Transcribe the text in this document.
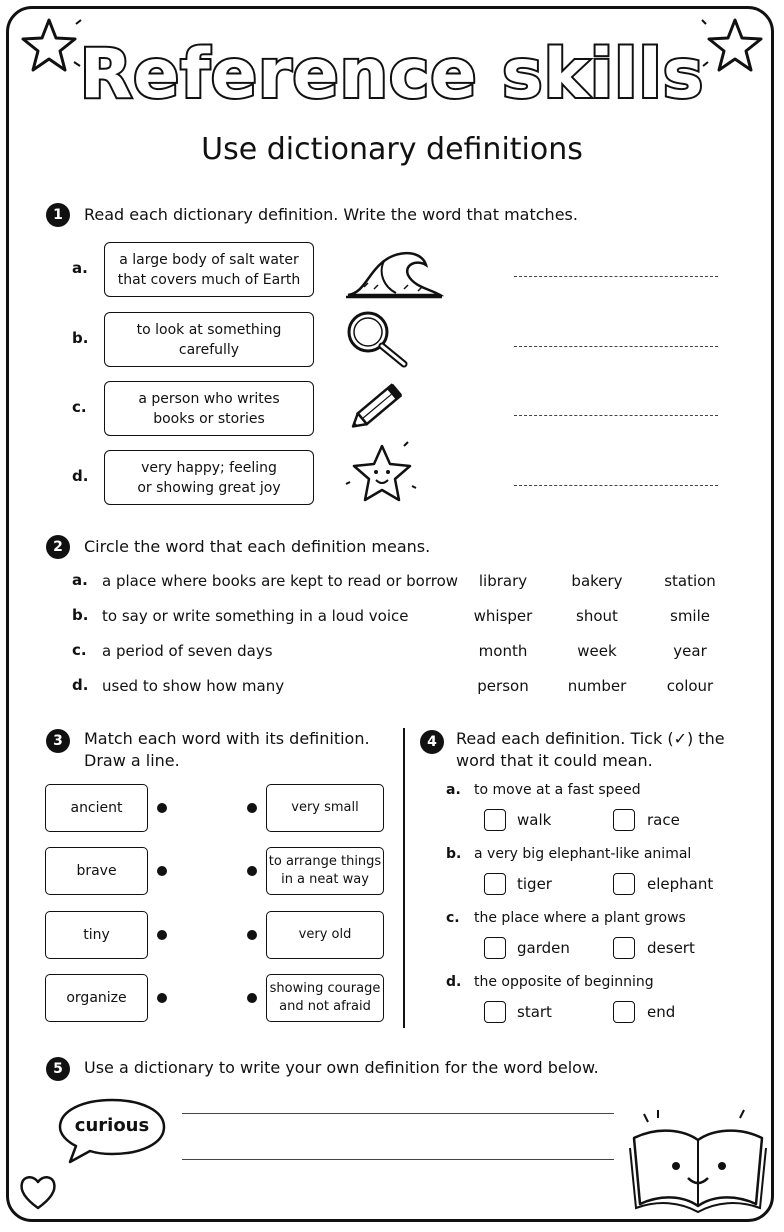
Reference skills
Use dictionary definitions
1	Read each dictionary definition. Write the word that matches.
a. a large body of salt water
that covers much of Earth
b.	to look at something
carefully
c.	a person who writes
books or stories
d.	very happy; feeling
or showing great joy
2	Circle the word that each definition means.
a. a place where books are kept to read or borrow	library	bakery	station
b. to say or write something in a loud voice	whisper	shout	smile
c. a period of seven days	month	week	year
d. used to show how many	person	number	colour
3	Match each word with its definition.
Draw a line.
ancient
brave
tiny
organize
very small
to arrange things
in a neat way
very old
showing courage
and not afraid
4	Read each definition. Tick (✓) the
word that it could mean.
a. to move at a fast speed
walk	race
b. a very big elephant-like animal
tiger	elephant
c. the place where a plant grows
garden	desert
d. the opposite of beginning
start	end
5	Use a dictionary to write your own definition for the word below.
curious
